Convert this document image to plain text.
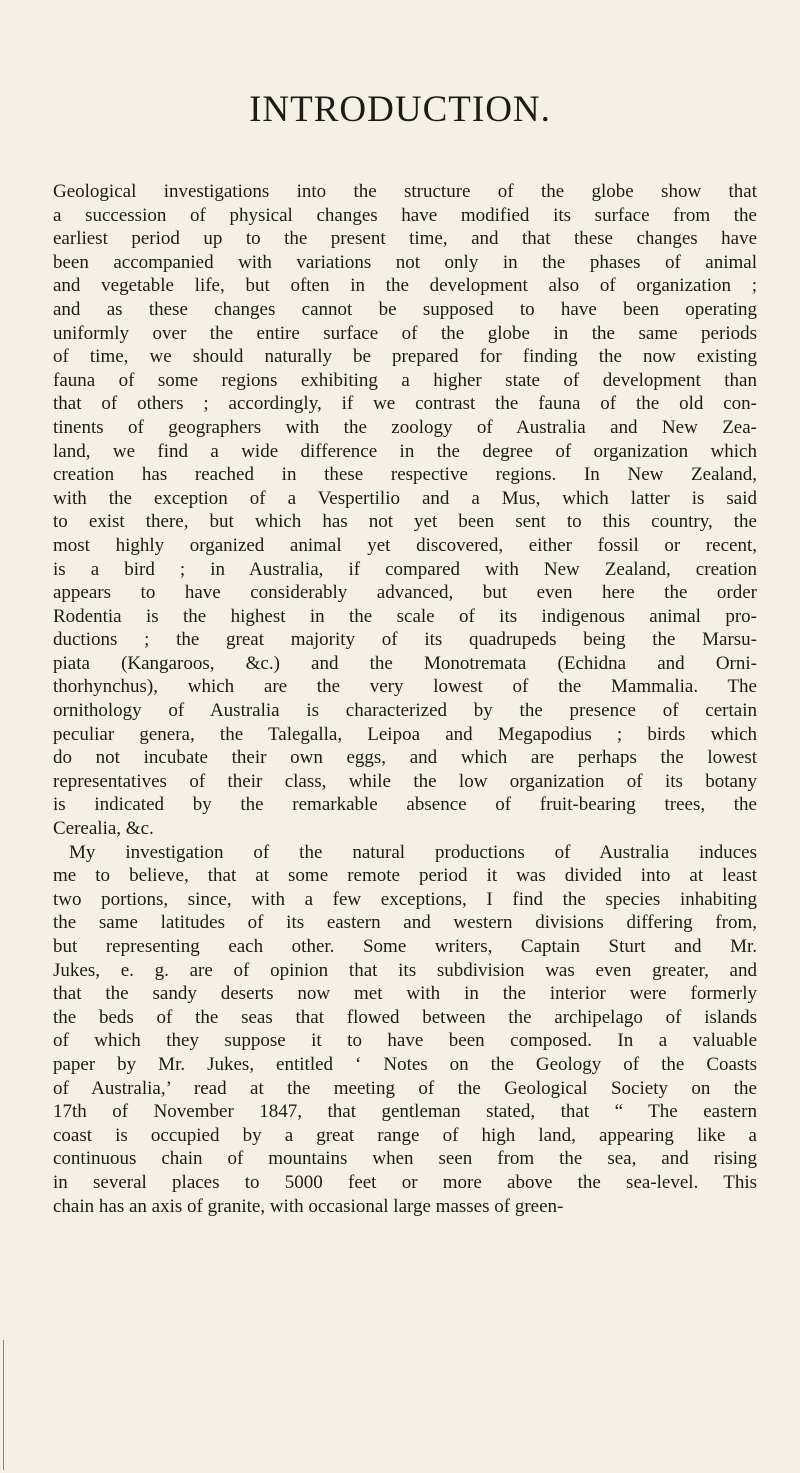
INTRODUCTION.
Geological investigations into the structure of the globe show that
a succession of physical changes have modified its surface from the
earliest period up to the present time, and that these changes have
been accompanied with variations not only in the phases of animal
and vegetable life, but often in the development also of organization ;
and as these changes cannot be supposed to have been operating
uniformly over the entire surface of the globe in the same periods
of time, we should naturally be prepared for finding the now existing
fauna of some regions exhibiting a higher state of development than
that of others ; accordingly, if we contrast the fauna of the old con-
tinents of geographers with the zoology of Australia and New Zea-
land, we find a wide difference in the degree of organization which
creation has reached in these respective regions. In New Zealand,
with the exception of a Vespertilio and a Mus, which latter is said
to exist there, but which has not yet been sent to this country, the
most highly organized animal yet discovered, either fossil or recent,
is a bird ; in Australia, if compared with New Zealand, creation
appears to have considerably advanced, but even here the order
Rodentia is the highest in the scale of its indigenous animal pro-
ductions ; the great majority of its quadrupeds being the Marsu-
piata (Kangaroos, &c.) and the Monotremata (Echidna and Orni-
thorhynchus), which are the very lowest of the Mammalia. The
ornithology of Australia is characterized by the presence of certain
peculiar genera, the Talegalla, Leipoa and Megapodius ; birds which
do not incubate their own eggs, and which are perhaps the lowest
representatives of their class, while the low organization of its botany
is indicated by the remarkable absence of fruit-bearing trees, the
Cerealia, &c.
My investigation of the natural productions of Australia induces
me to believe, that at some remote period it was divided into at least
two portions, since, with a few exceptions, I find the species inhabiting
the same latitudes of its eastern and western divisions differing from,
but representing each other. Some writers, Captain Sturt and Mr.
Jukes, e. g. are of opinion that its subdivision was even greater, and
that the sandy deserts now met with in the interior were formerly
the beds of the seas that flowed between the archipelago of islands
of which they suppose it to have been composed. In a valuable
paper by Mr. Jukes, entitled ‘ Notes on the Geology of the Coasts
of Australia,’ read at the meeting of the Geological Society on the
17th of November 1847, that gentleman stated, that “ The eastern
coast is occupied by a great range of high land, appearing like a
continuous chain of mountains when seen from the sea, and rising
in several places to 5000 feet or more above the sea-level. This
chain has an axis of granite, with occasional large masses of green-
